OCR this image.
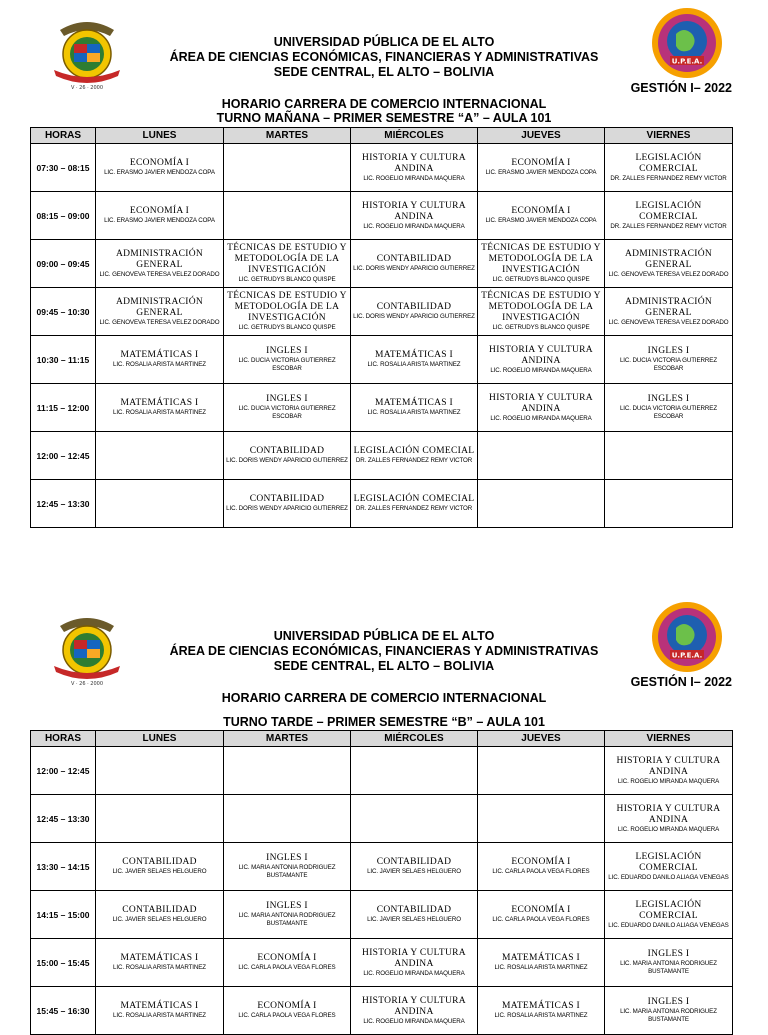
V · 26 · 2000
U.P.E.A.
UNIVERSIDAD PÚBLICA DE EL ALTO
ÁREA DE CIENCIAS ECONÓMICAS, FINANCIERAS Y ADMINISTRATIVAS
SEDE CENTRAL, EL ALTO – BOLIVIA
GESTIÓN I– 2022
HORARIO CARRERA DE COMERCIO INTERNACIONAL
TURNO MAÑANA – PRIMER SEMESTRE “A” – AULA 101
HORAS	LUNES	MARTES	MIÉRCOLES	JUEVES	VIERNES
07:30 – 08:15	ECONOMÍA I
LIC. ERASMO JAVIER MENDOZA COPA		HISTORIA Y CULTURA ANDINA
LIC. ROGELIO MIRANDA MAQUERA	ECONOMÍA I
LIC. ERASMO JAVIER MENDOZA COPA	LEGISLACIÓN COMERCIAL
DR. ZALLES FERNANDEZ REMY VICTOR

08:15 – 09:00	ECONOMÍA I
LIC. ERASMO JAVIER MENDOZA COPA		HISTORIA Y CULTURA ANDINA
LIC. ROGELIO MIRANDA MAQUERA	ECONOMÍA I
LIC. ERASMO JAVIER MENDOZA COPA	LEGISLACIÓN COMERCIAL
DR. ZALLES FERNANDEZ REMY VICTOR

09:00 – 09:45	ADMINISTRACIÓN GENERAL
LIC. GENOVEVA TERESA VELEZ DORADO	TÉCNICAS DE ESTUDIO Y METODOLOGÍA DE LA INVESTIGACIÓN
LIC. GETRUDYS BLANCO QUISPE	CONTABILIDAD
LIC. DORIS WENDY APARICIO GUTIERREZ	TÉCNICAS DE ESTUDIO Y METODOLOGÍA DE LA INVESTIGACIÓN
LIC. GETRUDYS BLANCO QUISPE	ADMINISTRACIÓN GENERAL
LIC. GENOVEVA TERESA VELEZ DORADO

09:45 – 10:30	ADMINISTRACIÓN GENERAL
LIC. GENOVEVA TERESA VELEZ DORADO	TÉCNICAS DE ESTUDIO Y METODOLOGÍA DE LA INVESTIGACIÓN
LIC. GETRUDYS BLANCO QUISPE	CONTABILIDAD
LIC. DORIS WENDY APARICIO GUTIERREZ	TÉCNICAS DE ESTUDIO Y METODOLOGÍA DE LA INVESTIGACIÓN
LIC. GETRUDYS BLANCO QUISPE	ADMINISTRACIÓN GENERAL
LIC. GENOVEVA TERESA VELEZ DORADO

10:30 – 11:15	MATEMÁTICAS I
LIC. ROSALIA ARISTA MARTINEZ	INGLES I
LIC. DUCIA VICTORIA GUTIERREZ ESCOBAR	MATEMÁTICAS I
LIC. ROSALIA ARISTA MARTINEZ	HISTORIA Y CULTURA ANDINA
LIC. ROGELIO MIRANDA MAQUERA	INGLES I
LIC. DUCIA VICTORIA GUTIERREZ ESCOBAR

11:15 – 12:00	MATEMÁTICAS I
LIC. ROSALIA ARISTA MARTINEZ	INGLES I
LIC. DUCIA VICTORIA GUTIERREZ ESCOBAR	MATEMÁTICAS I
LIC. ROSALIA ARISTA MARTINEZ	HISTORIA Y CULTURA ANDINA
LIC. ROGELIO MIRANDA MAQUERA	INGLES I
LIC. DUCIA VICTORIA GUTIERREZ ESCOBAR

12:00 – 12:45		CONTABILIDAD
LIC. DORIS WENDY APARICIO GUTIERREZ	LEGISLACIÓN COMECIAL
DR. ZALLES FERNANDEZ REMY VICTOR		

12:45 – 13:30		CONTABILIDAD
LIC. DORIS WENDY APARICIO GUTIERREZ	LEGISLACIÓN COMECIAL
DR. ZALLES FERNANDEZ REMY VICTOR		

V · 26 · 2000
U.P.E.A.
UNIVERSIDAD PÚBLICA DE EL ALTO
ÁREA DE CIENCIAS ECONÓMICAS, FINANCIERAS Y ADMINISTRATIVAS
SEDE CENTRAL, EL ALTO – BOLIVIA
GESTIÓN I– 2022
HORARIO CARRERA DE COMERCIO INTERNACIONAL
TURNO TARDE – PRIMER SEMESTRE “B” – AULA 101
HORAS	LUNES	MARTES	MIÉRCOLES	JUEVES	VIERNES
12:00 – 12:45					HISTORIA Y CULTURA ANDINA
LIC. ROGELIO MIRANDA MAQUERA

12:45 – 13:30					HISTORIA Y CULTURA ANDINA
LIC. ROGELIO MIRANDA MAQUERA

13:30 – 14:15	CONTABILIDAD
LIC. JAVIER SELAES HELGUERO	INGLES I
LIC. MARIA ANTONIA RODRIGUEZ BUSTAMANTE	CONTABILIDAD
LIC. JAVIER SELAES HELGUERO	ECONOMÍA I
LIC. CARLA PAOLA VEGA FLORES	LEGISLACIÓN COMERCIAL
LIC. EDUARDO DANILO ALIAGA VENEGAS

14:15 – 15:00	CONTABILIDAD
LIC. JAVIER SELAES HELGUERO	INGLES I
LIC. MARIA ANTONIA RODRIGUEZ BUSTAMANTE	CONTABILIDAD
LIC. JAVIER SELAES HELGUERO	ECONOMÍA I
LIC. CARLA PAOLA VEGA FLORES	LEGISLACIÓN COMERCIAL
LIC. EDUARDO DANILO ALIAGA VENEGAS

15:00 – 15:45	MATEMÁTICAS I
LIC. ROSALIA ARISTA MARTINEZ	ECONOMÍA I
LIC. CARLA PAOLA VEGA FLORES	HISTORIA Y CULTURA ANDINA
LIC. ROGELIO MIRANDA MAQUERA	MATEMÁTICAS I
LIC. ROSALIA ARISTA MARTINEZ	INGLES I
LIC. MARIA ANTONIA RODRIGUEZ BUSTAMANTE

15:45 – 16:30	MATEMÁTICAS I
LIC. ROSALIA ARISTA MARTINEZ	ECONOMÍA I
LIC. CARLA PAOLA VEGA FLORES	HISTORIA Y CULTURA ANDINA
LIC. ROGELIO MIRANDA MAQUERA	MATEMÁTICAS I
LIC. ROSALIA ARISTA MARTINEZ	INGLES I
LIC. MARIA ANTONIA RODRIGUEZ BUSTAMANTE
